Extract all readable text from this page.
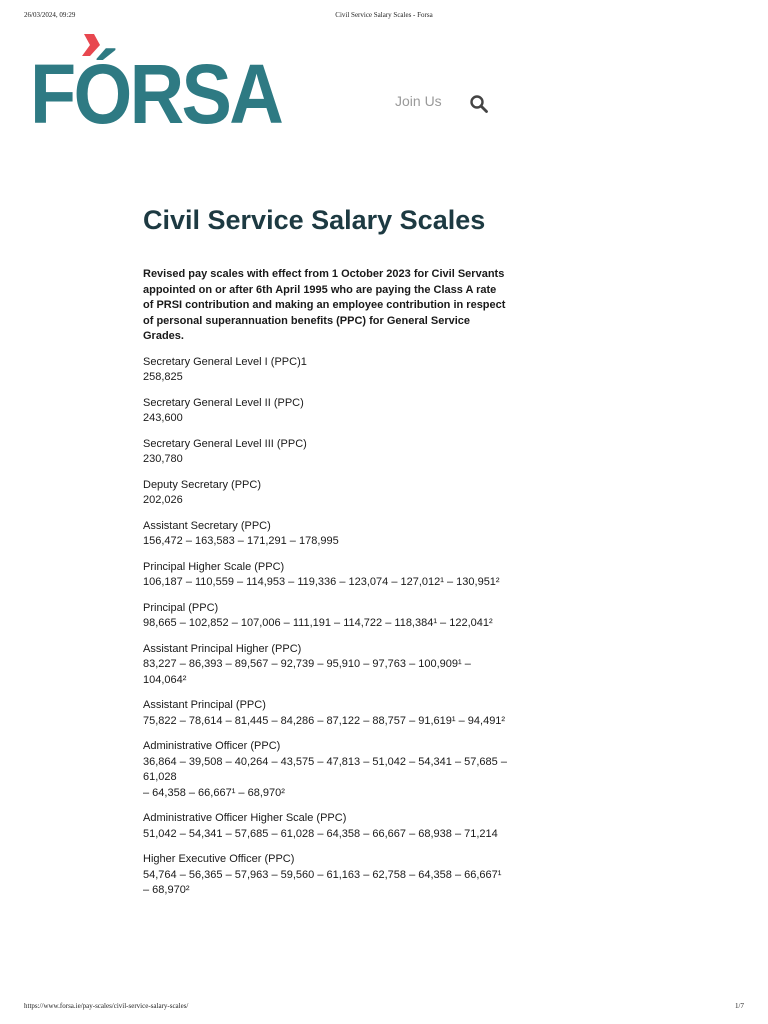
26/03/2024, 09:29	Civil Service Salary Scales - Forsa
FÓRSA	Join Us
Civil Service Salary Scales

Revised pay scales with effect from 1 October 2023 for Civil Servants appointed on or after 6th April 1995 who are paying the Class A rate of PRSI contribution and making an employee contribution in respect of personal superannuation benefits (PPC) for General Service Grades.

Secretary General Level I (PPC)1
258,825
Secretary General Level II (PPC)
243,600
Secretary General Level III (PPC)
230,780
Deputy Secretary (PPC)
202,026
Assistant Secretary (PPC)
156,472 – 163,583 – 171,291 – 178,995
Principal Higher Scale (PPC)
106,187 – 110,559 – 114,953 – 119,336 – 123,074 – 127,012¹ – 130,951²
Principal (PPC)
98,665 – 102,852 – 107,006 – 111,191 – 114,722 – 118,384¹ – 122,041²
Assistant Principal Higher (PPC)
83,227 – 86,393 – 89,567 – 92,739 – 95,910 – 97,763 – 100,909¹ – 104,064²
Assistant Principal (PPC)
75,822 – 78,614 – 81,445 – 84,286 – 87,122 – 88,757 – 91,619¹ – 94,491²
Administrative Officer (PPC)
36,864 – 39,508 – 40,264 – 43,575 – 47,813 – 51,042 – 54,341 – 57,685 – 61,028
– 64,358 – 66,667¹ – 68,970²
Administrative Officer Higher Scale (PPC)
51,042 – 54,341 – 57,685 – 61,028 – 64,358 – 66,667 – 68,938 – 71,214
Higher Executive Officer (PPC)
54,764 – 56,365 – 57,963 – 59,560 – 61,163 – 62,758 – 64,358 – 66,667¹ – 68,970²
https://www.forsa.ie/pay-scales/civil-service-salary-scales/	1/7
